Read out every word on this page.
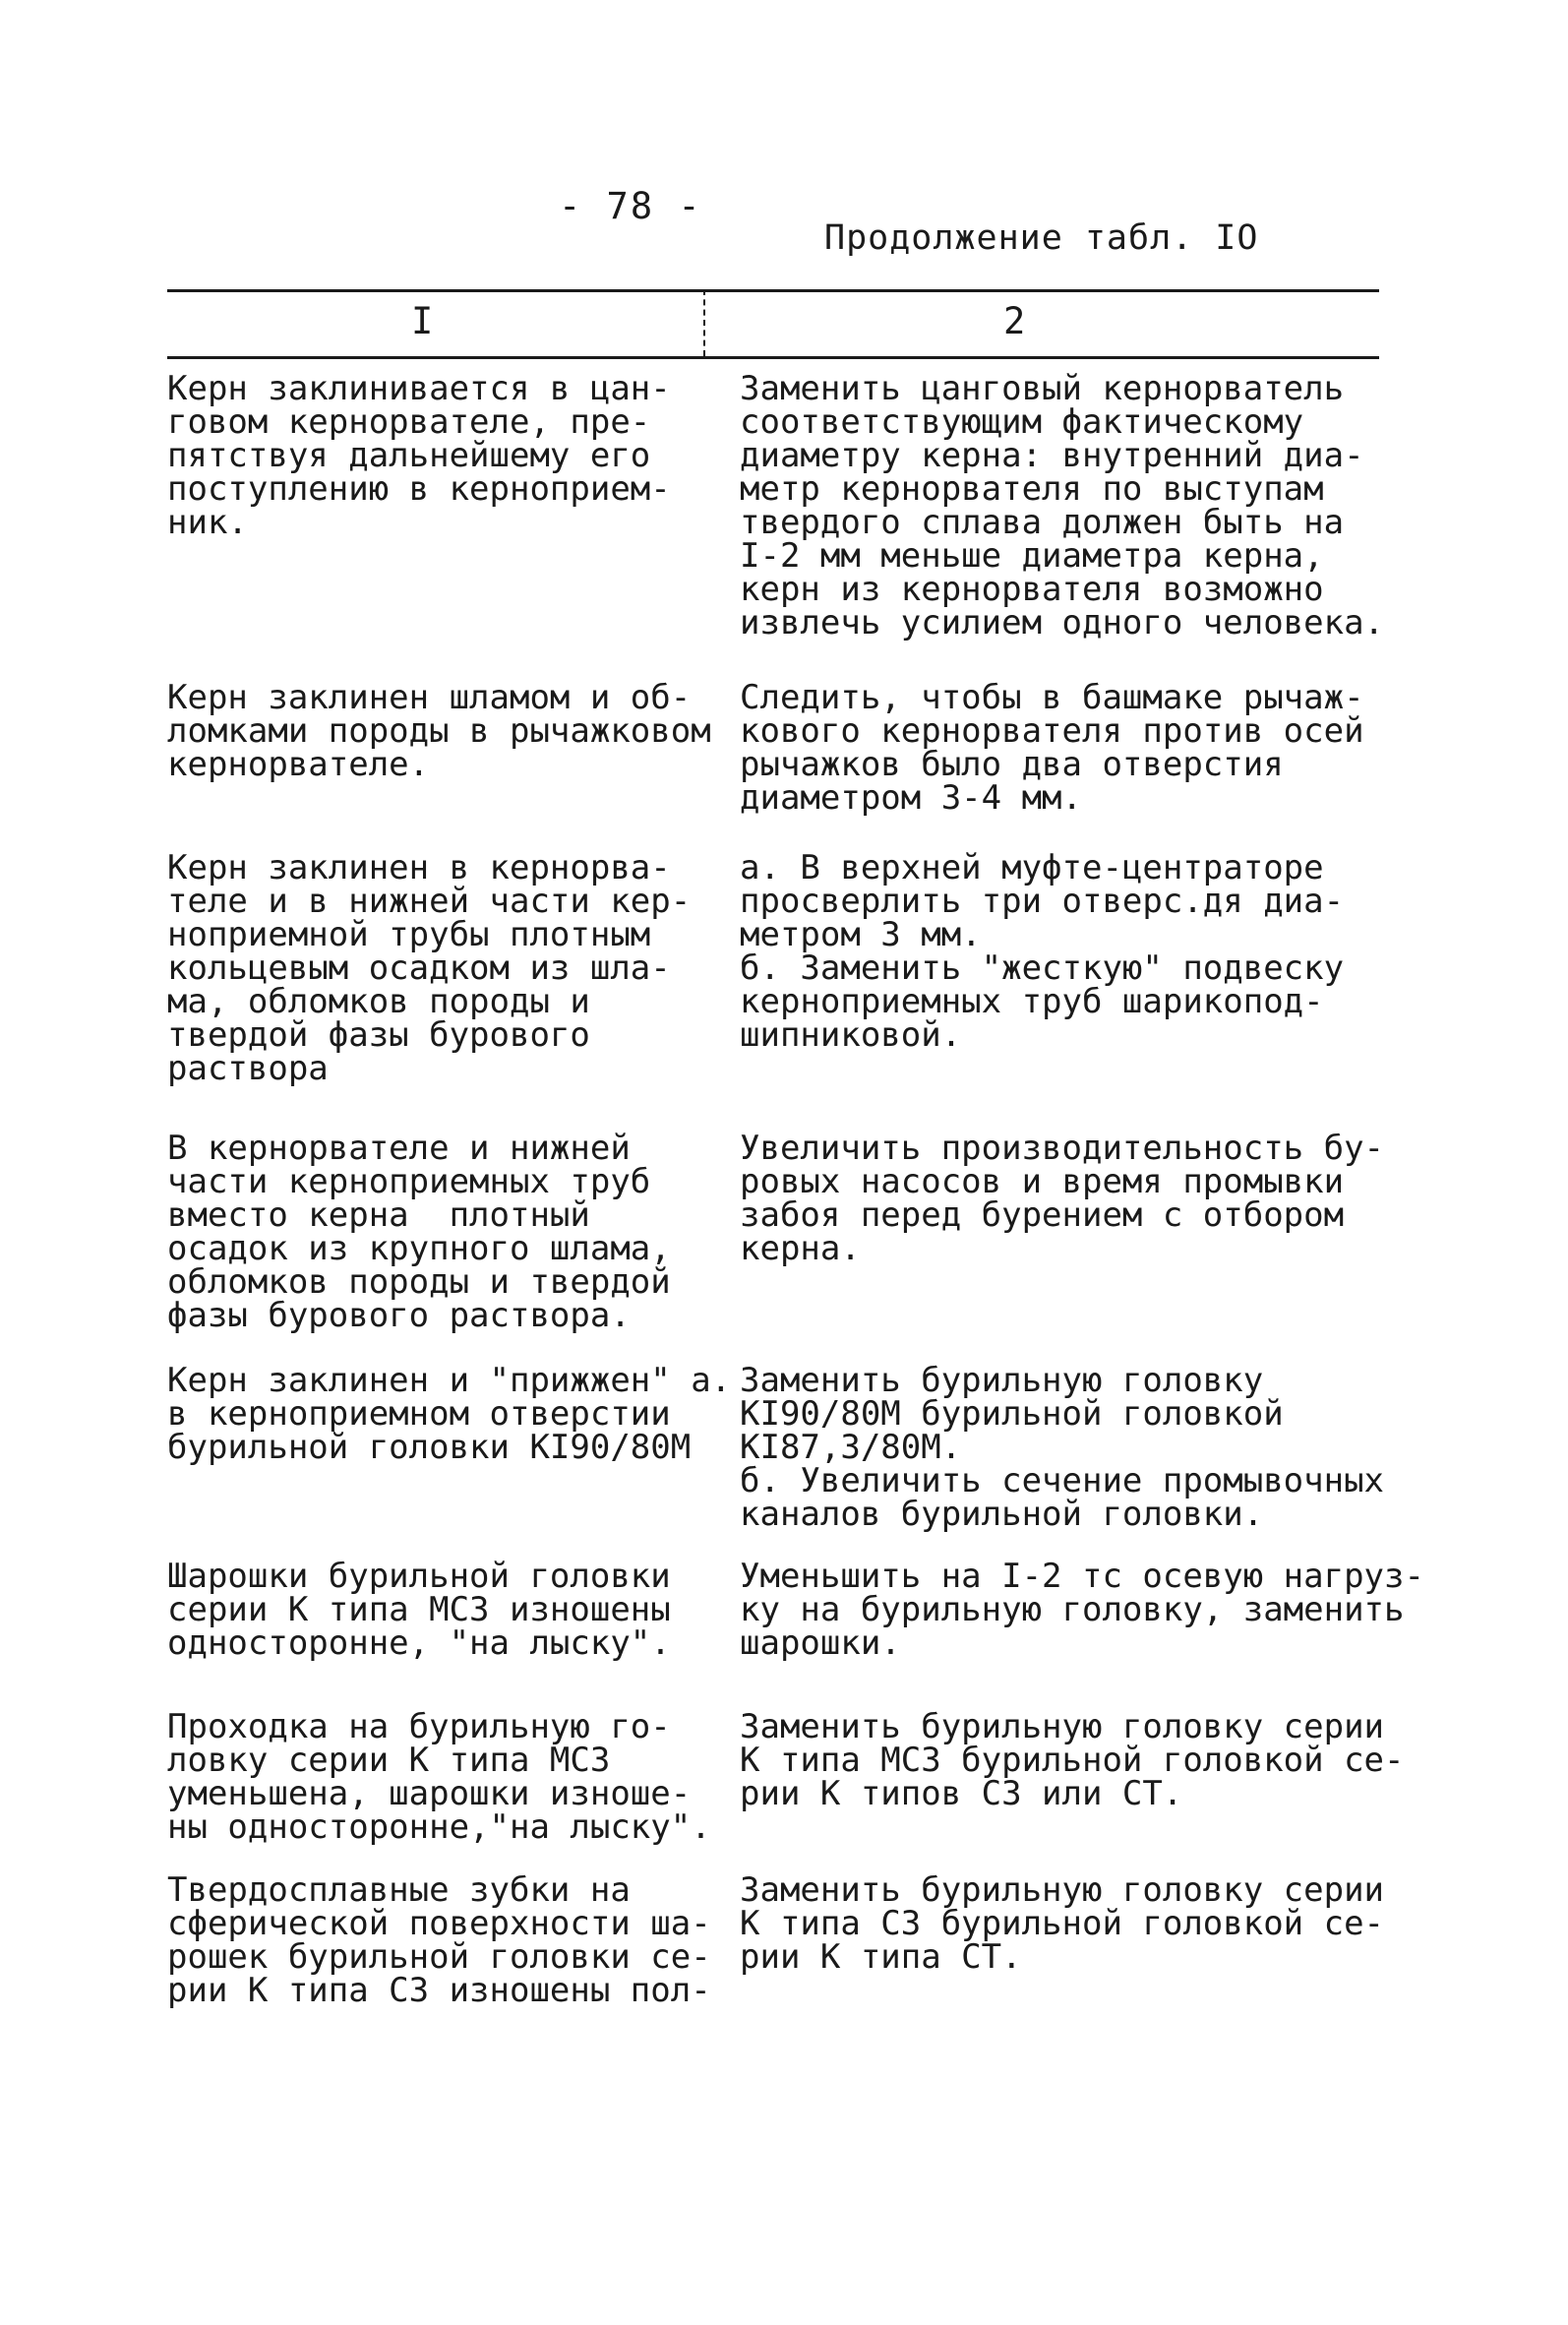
- 78 -
Продолжение табл. IO
I	2
Керн заклинивается в цан-
говом кернорвателе, пре-
пятствуя дальнейшему его
поступлению в керноприем-
ник.
Заменить цанговый кернорватель
соответствующим фактическому
диаметру керна: внутренний диа-
метр кернорвателя по выступам
твердого сплава должен быть на
I-2 мм меньше диаметра керна,
керн из кернорвателя возможно
извлечь усилием одного человека.
Керн заклинен шламом и об-
ломками породы в рычажковом
кернорвателе.
Следить, чтобы в башмаке рычаж-
кового кернорвателя против осей
рычажков было два отверстия
диаметром 3-4 мм.
Керн заклинен в кернорва-
теле и в нижней части кер-
ноприемной трубы плотным
кольцевым осадком из шла-
ма, обломков породы и
твердой фазы бурового
раствора
а. В верхней муфте-центраторе
просверлить три отверс.дя диа-
метром 3 мм.
б. Заменить "жесткую" подвеску
керноприемных труб шарикопод-
шипниковой.
В кернорвателе и нижней
части керноприемных труб
вместо керна  плотный
осадок из крупного шлама,
обломков породы и твердой
фазы бурового раствора.
Увеличить производительность бу-
ровых насосов и время промывки
забоя перед бурением с отбором
керна.
Керн заклинен и "прижжен" а.
в керноприемном отверстии
бурильной головки КI90/80М
Заменить бурильную головку
КI90/80М бурильной головкой
КI87,3/80М.
б. Увеличить сечение промывочных
каналов бурильной головки.
Шарошки бурильной головки
серии К типа МСЗ изношены
односторонне, "на лыску".
Уменьшить на I-2 тс осевую нагруз-
ку на бурильную головку, заменить
шарошки.
Проходка на бурильную го-
ловку серии К типа МСЗ
уменьшена, шарошки изноше-
ны односторонне,"на лыску".
Заменить бурильную головку серии
К типа МСЗ бурильной головкой се-
рии К типов СЗ или СТ.
Твердосплавные зубки на
сферической поверхности ша-
рошек бурильной головки се-
рии К типа СЗ изношены пол-
Заменить бурильную головку серии
К типа СЗ бурильной головкой се-
рии К типа СТ.
